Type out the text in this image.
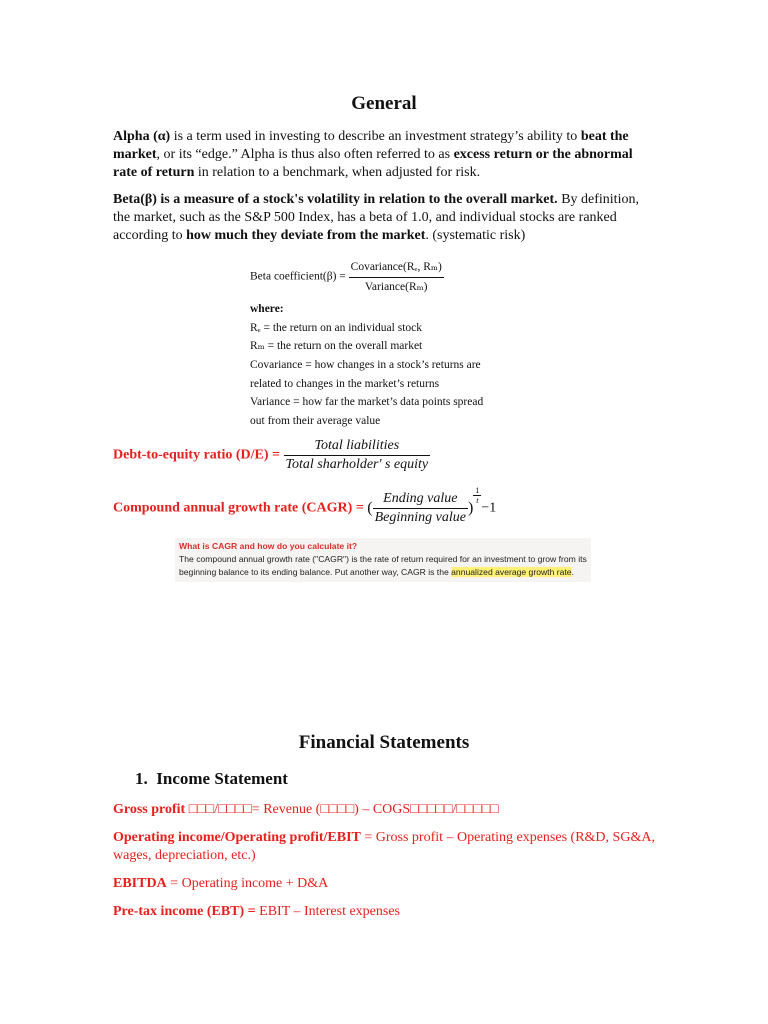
General
Alpha (α) is a term used in investing to describe an investment strategy’s ability to beat the market, or its “edge.” Alpha is thus also often referred to as excess return or the abnormal rate of return in relation to a benchmark, when adjusted for risk.
Beta(β) is a measure of a stock's volatility in relation to the overall market. By definition, the market, such as the S&P 500 Index, has a beta of 1.0, and individual stocks are ranked according to how much they deviate from the market. (systematic risk)
Beta coefficient(β) = $\frac{\text{Covariance(Rₑ, Rₘ)}}{\text{Variance(Rₘ)}}$
where:
Rₑ = the return on an individual stock
Rₘ = the return on the overall market
Covariance = how changes in a stock’s returns are
related to changes in the market’s returns
Variance = how far the market’s data points spread
out from their average value
Debt-to-equity ratio $(D/E) = \frac{\text{Total liabilities}}{\text{Total sharholder' s equity}}$
Compound annual growth rate (CAGR) = ( $\frac{\text{Ending value}}{\text{Beginning value}}$ )
$\frac{1}{t}$
−1
What is CAGR and how do you calculate it?
The compound annual growth rate ("CAGR") is the rate of return required for an investment to grow from its
beginning balance to its ending balance. Put another way, CAGR is the annualized average growth rate.
Financial Statements
1. Income Statement
Gross profit □□□/□□□□= Revenue (□□□□) – COGS□□□□□/□□□□□
Operating income/Operating profit/EBIT = Gross profit – Operating expenses (R&D, SG&A, wages, depreciation, etc.)
EBITDA = Operating income + D&A
Pre-tax income (EBT) = EBIT – Interest expenses
